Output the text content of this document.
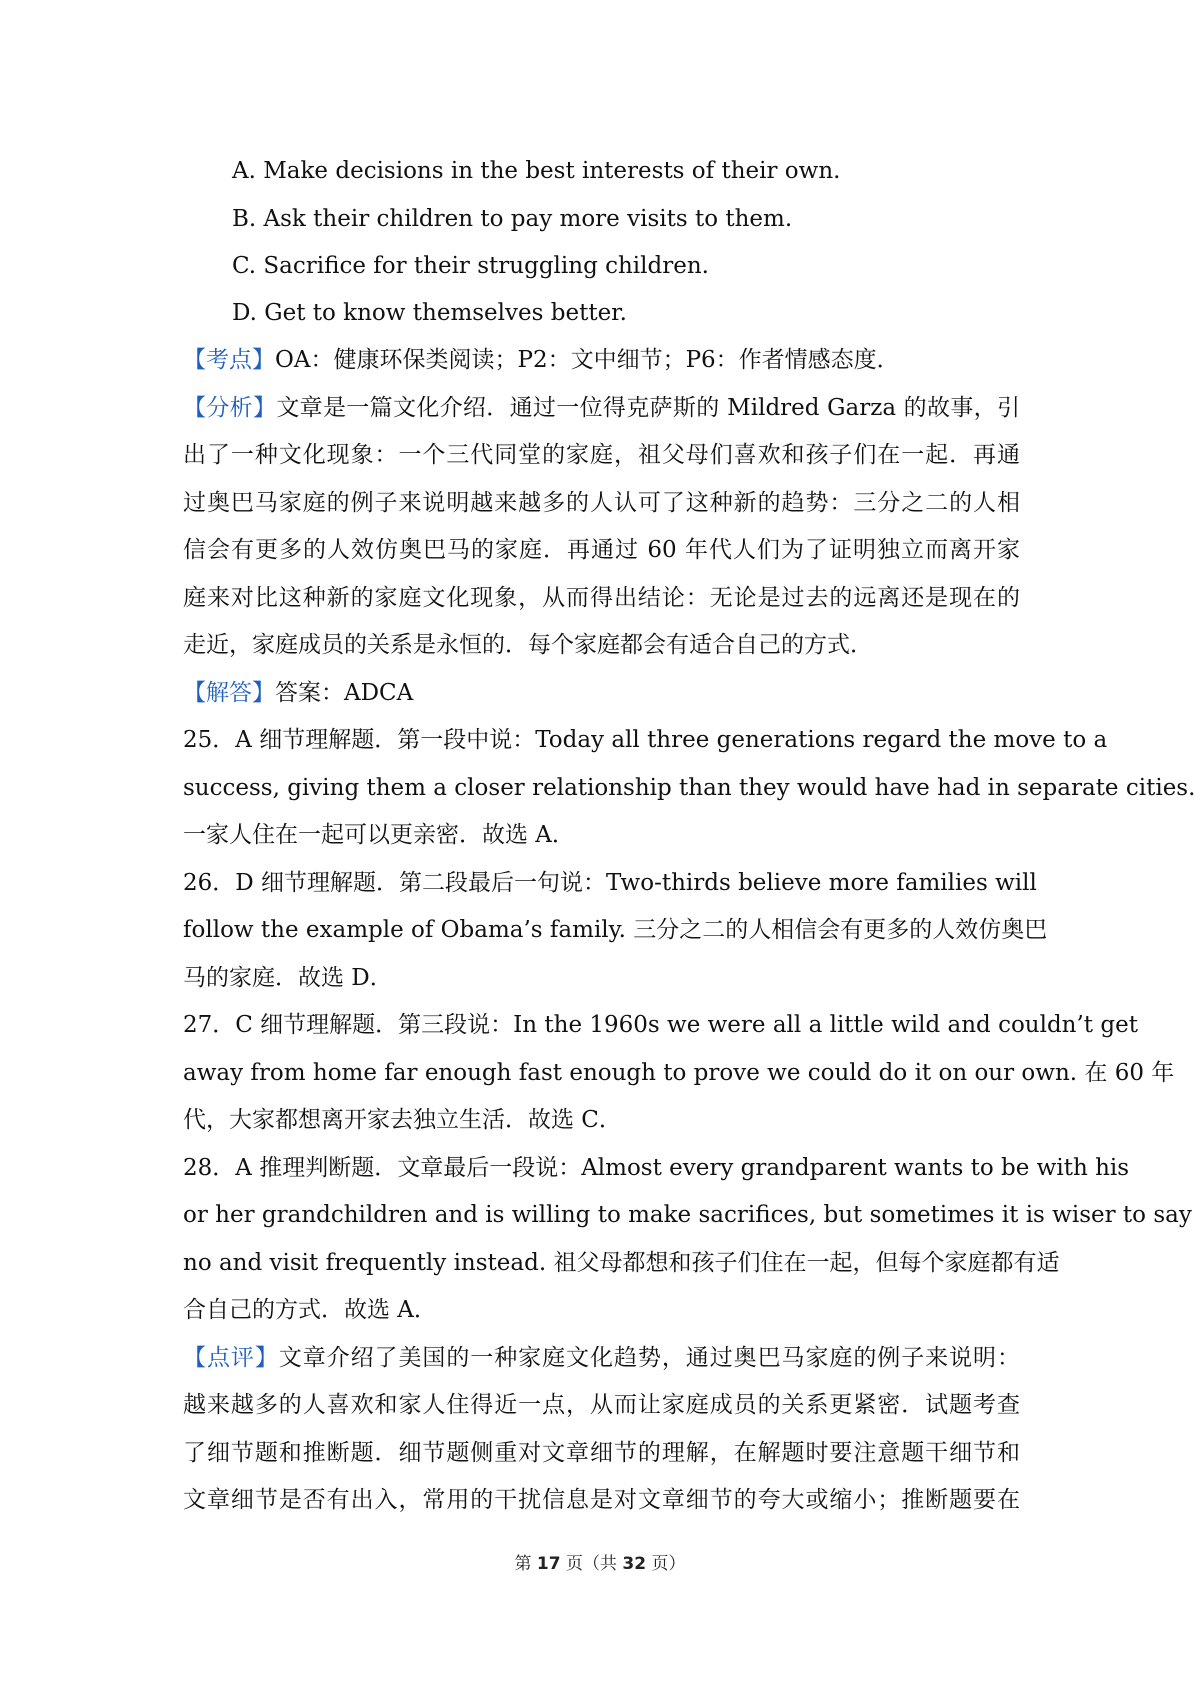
A. Make decisions in the best interests of their own.
B. Ask their children to pay more visits to them.
C. Sacrifice for their struggling children.
D. Get to know themselves better.
【考点】OA：健康环保类阅读；P2：文中细节；P6：作者情感态度．
【分析】文章是一篇文化介绍．通过一位得克萨斯的 Mildred Garza 的故事，引
出了一种文化现象：一个三代同堂的家庭，祖父母们喜欢和孩子们在一起．再通
过奥巴马家庭的例子来说明越来越多的人认可了这种新的趋势：三分之二的人相
信会有更多的人效仿奥巴马的家庭．再通过 60 年代人们为了证明独立而离开家
庭来对比这种新的家庭文化现象，从而得出结论：无论是过去的远离还是现在的
走近，家庭成员的关系是永恒的．每个家庭都会有适合自己的方式．
【解答】答案：ADCA
25．A 细节理解题．第一段中说：Today all three generations regard the move to a
success, giving them a closer relationship than they would have had in separate cities.
一家人住在一起可以更亲密．故选 A．
26．D 细节理解题．第二段最后一句说：Two-thirds believe more families will
follow the example of Obama’s family. 三分之二的人相信会有更多的人效仿奥巴
马的家庭．故选 D．
27．C 细节理解题．第三段说：In the 1960s we were all a little wild and couldn’t get
away from home far enough fast enough to prove we could do it on our own. 在 60 年
代，大家都想离开家去独立生活．故选 C．
28．A 推理判断题．文章最后一段说：Almost every grandparent wants to be with his
or her grandchildren and is willing to make sacrifices, but sometimes it is wiser to say
no and visit frequently instead. 祖父母都想和孩子们住在一起，但每个家庭都有适
合自己的方式．故选 A．
【点评】文章介绍了美国的一种家庭文化趋势，通过奥巴马家庭的例子来说明：
越来越多的人喜欢和家人住得近一点，从而让家庭成员的关系更紧密．试题考查
了细节题和推断题．细节题侧重对文章细节的理解，在解题时要注意题干细节和
文章细节是否有出入，常用的干扰信息是对文章细节的夸大或缩小；推断题要在
第 17 页（共 32 页）
